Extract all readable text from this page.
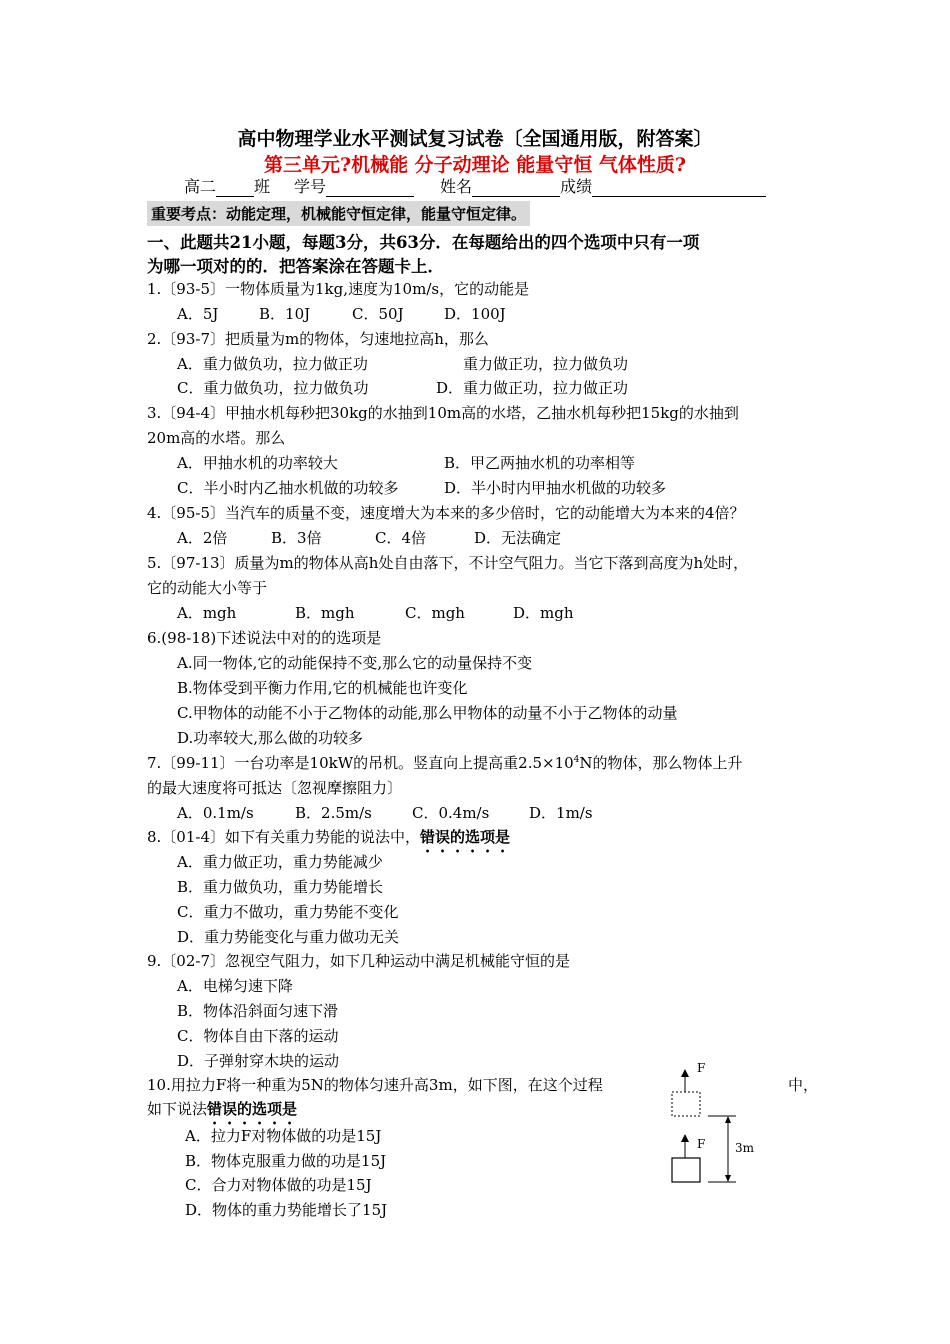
高中物理学业水平测试复习试卷〔全国通用版，附答案〕
第三单元?机械能 分子动理论 能量守恒 气体性质?
高二 班 学号	姓名	成绩
重要考点：动能定理，机械能守恒定律，能量守恒定律。
一、此题共21小题，每题3分，共63分．在每题给出的四个选项中只有一项
为哪一项对的的．把答案涂在答题卡上．
1.〔93-5〕一物体质量为1kg,速度为10m/s，它的动能是
A．5J	B．10J	C．50J	D．100J
2.〔93-7〕把质量为m的物体，匀速地拉高h，那么
A．重力做负功，拉力做正功	重力做正功，拉力做负功
C．重力做负功，拉力做负功	D．重力做正功，拉力做正功
3.〔94-4〕甲抽水机每秒把30kg的水抽到10m高的水塔，乙抽水机每秒把15kg的水抽到
20m高的水塔。那么
A．甲抽水机的功率较大	B．甲乙两抽水机的功率相等
C．半小时内乙抽水机做的功较多	D．半小时内甲抽水机做的功较多
4.〔95-5〕当汽车的质量不变，速度增大为本来的多少倍时，它的动能增大为本来的4倍？
A．2倍	B．3倍	C．4倍	D．无法确定
5.〔97-13〕质量为m的物体从高h处自由落下，不计空气阻力。当它下落到高度为h处时，
它的动能大小等于
A．mgh	B．mgh	C．mgh	D．mgh
6.(98-18)下述说法中对的的选项是
A.同一物体,它的动能保持不变,那么它的动量保持不变
B.物体受到平衡力作用,它的机械能也许变化
C.甲物体的动能不小于乙物体的动能,那么甲物体的动量不小于乙物体的动量
D.功率较大,那么做的功较多
7.〔99-11〕一台功率是10kW的吊机。竖直向上提高重$2.5\times 10^4N$的物体，那么物体上升
的最大速度将可抵达〔忽视摩擦阻力〕
A．0.1m/s	B．2.5m/s	C．0.4m/s	D．1m/s
8.〔01-4〕如下有关重力势能的说法中，错误的选项是
A．重力做正功，重力势能减少
B．重力做负功，重力势能增长
C．重力不做功，重力势能不变化
D．重力势能变化与重力做功无关
9.〔02-7〕忽视空气阻力，如下几种运动中满足机械能守恒的是
A．电梯匀速下降
B．物体沿斜面匀速下滑
C．物体自由下落的运动
D．子弹射穿木块的运动
10.用拉力F将一种重为5N的物体匀速升高3m，如下图，在这个过程	中，
如下说法错误的选项是
A．拉力F对物体做的功是15J
B．物体克服重力做的功是15J
C．合力对物体做的功是15J
D．物体的重力势能增长了15J
F
F 3m
